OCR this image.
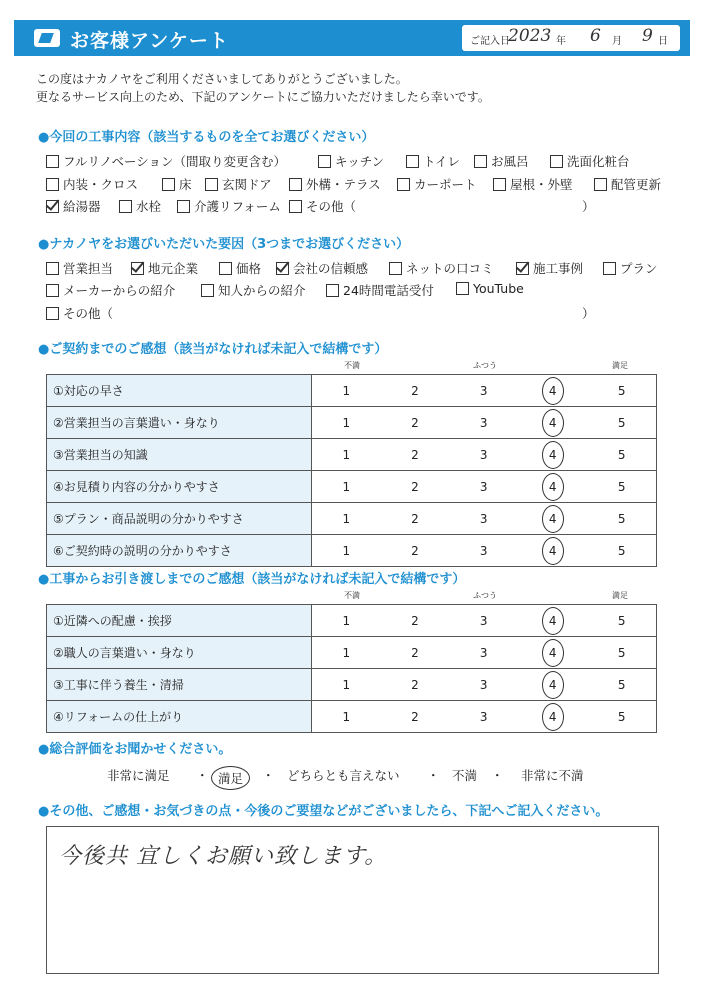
お客様アンケート	ご記入日
2023 年 6 月 9 日
この度はナカノヤをご利用くださいましてありがとうございました。
更なるサービス向上のため、下記のアンケートにご協力いただけましたら幸いです。
●今回の工事内容（該当するものを全てお選びください）
フルリノベーション（間取り変更含む）	キッチン	トイレ お風呂	洗面化粧台
内装・クロス	床 玄関ドア	外構・テラス	カーポート	屋根・外壁	配管更新
給湯器	水栓	介護リフォーム その他（	）
●ナカノヤをお選びいただいた要因（3つまでお選びください）
営業担当	地元企業	価格	会社の信頼感	ネットの口コミ	施工事例	プラン
メーカーからの紹介	知人からの紹介	24時間電話受付	YouTube
その他（	）
●ご契約までのご感想（該当がなければ未記入で結構です）
不満	ふつう	満足
①対応の早さ	1	2	3	4	5
②営業担当の言葉遣い・身なり	1	2	3	4	5
③営業担当の知識	1	2	3	4	5
④お見積り内容の分かりやすさ	1	2	3	4	5
⑤プラン・商品説明の分かりやすさ	1	2	3	4	5
⑥ご契約時の説明の分かりやすさ	1	2	3	4	5
●工事からお引き渡しまでのご感想（該当がなければ未記入で結構です）
不満	ふつう	満足
①近隣への配慮・挨拶	1	2	3	4	5
②職人の言葉遣い・身なり	1	2	3	4	5
③工事に伴う養生・清掃	1	2	3	4	5
④リフォームの仕上がり	1	2	3	4	5
●総合評価をお聞かせください。
非常に満足 ・ 満足	・ どちらとも言えない ・ 不満 ・ 非常に不満
●その他、ご感想・お気づきの点・今後のご要望などがございましたら、下記へご記入ください。
今後共 宜しくお願い致します。
